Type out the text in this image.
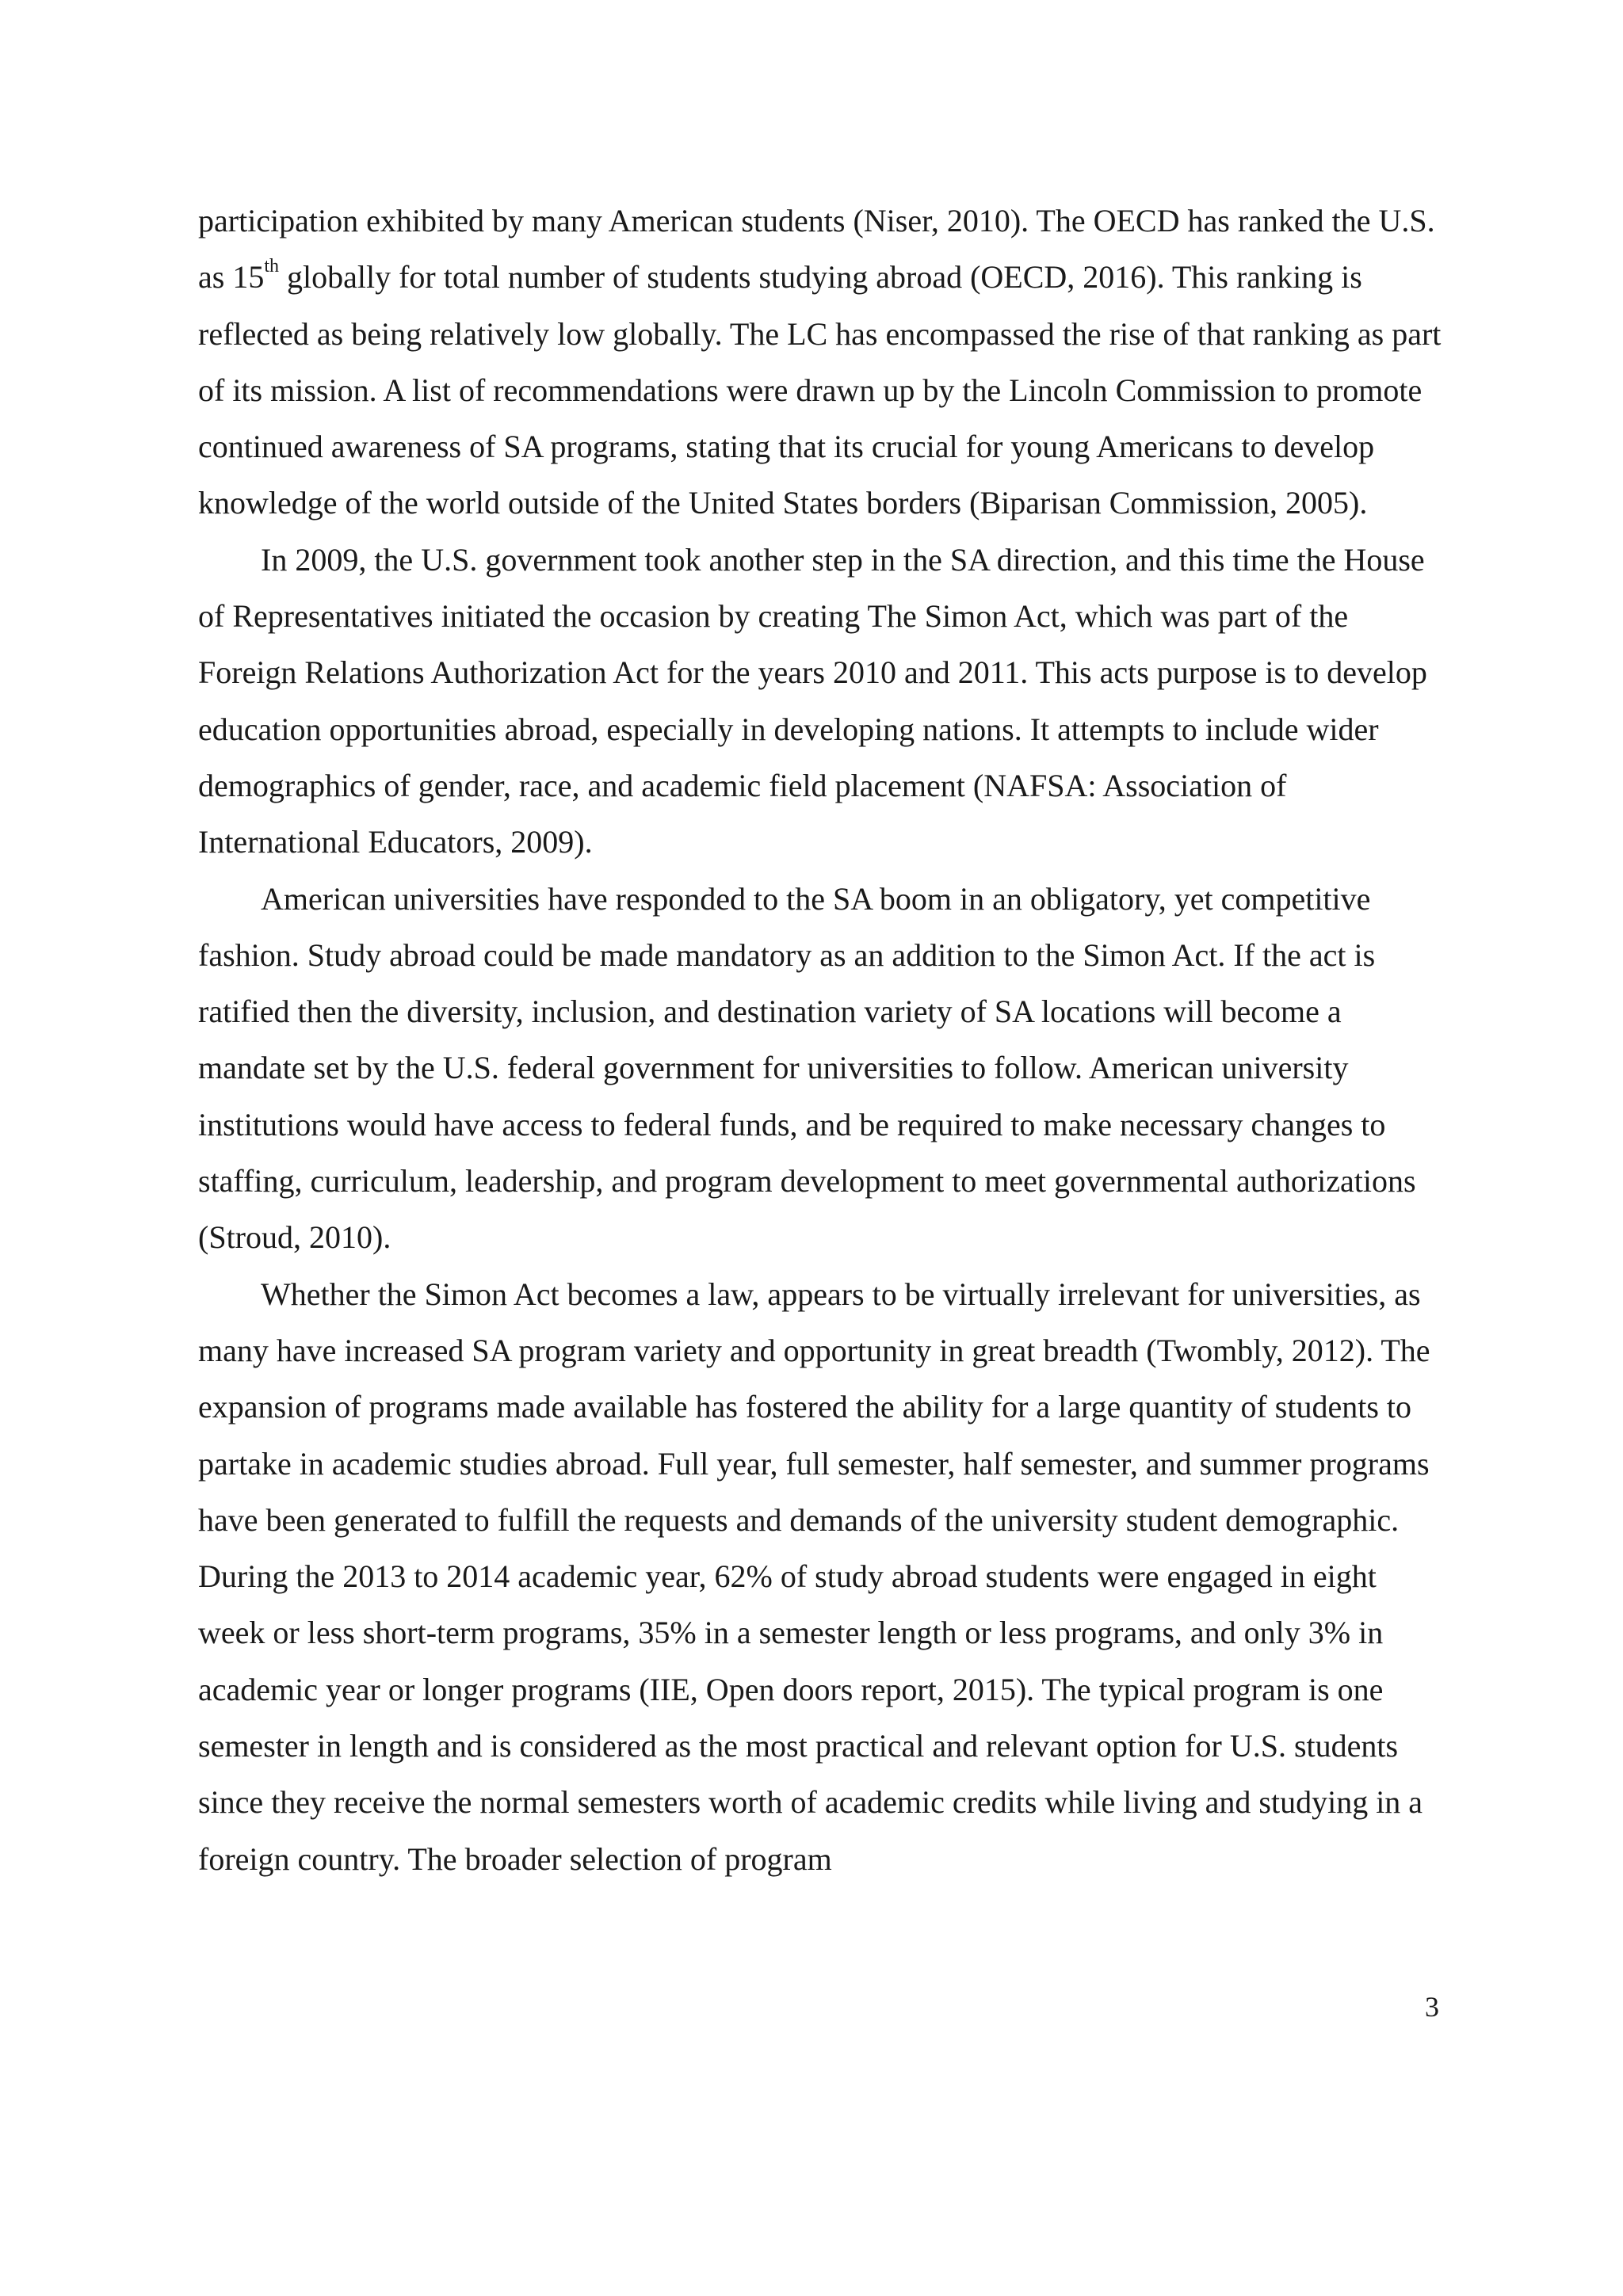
participation exhibited by many American students (Niser, 2010). The OECD has ranked the U.S. as 15th globally for total number of students studying abroad (OECD, 2016). This ranking is reflected as being relatively low globally. The LC has encompassed the rise of that ranking as part of its mission. A list of recommendations were drawn up by the Lincoln Commission to promote continued awareness of SA programs, stating that its crucial for young Americans to develop knowledge of the world outside of the United States borders (Biparisan Commission, 2005).

In 2009, the U.S. government took another step in the SA direction, and this time the House of Representatives initiated the occasion by creating The Simon Act, which was part of the Foreign Relations Authorization Act for the years 2010 and 2011. This acts purpose is to develop education opportunities abroad, especially in developing nations. It attempts to include wider demographics of gender, race, and academic field placement (NAFSA: Association of International Educators, 2009).

American universities have responded to the SA boom in an obligatory, yet competitive fashion. Study abroad could be made mandatory as an addition to the Simon Act. If the act is ratified then the diversity, inclusion, and destination variety of SA locations will become a mandate set by the U.S. federal government for universities to follow. American university institutions would have access to federal funds, and be required to make necessary changes to staffing, curriculum, leadership, and program development to meet governmental authorizations (Stroud, 2010).

Whether the Simon Act becomes a law, appears to be virtually irrelevant for universities, as many have increased SA program variety and opportunity in great breadth (Twombly, 2012). The expansion of programs made available has fostered the ability for a large quantity of students to partake in academic studies abroad. Full year, full semester, half semester, and summer programs have been generated to fulfill the requests and demands of the university student demographic. During the 2013 to 2014 academic year, 62% of study abroad students were engaged in eight week or less short-term programs, 35% in a semester length or less programs, and only 3% in academic year or longer programs (IIE, Open doors report, 2015). The typical program is one semester in length and is considered as the most practical and relevant option for U.S. students since they receive the normal semesters worth of academic credits while living and studying in a foreign country. The broader selection of program

3
